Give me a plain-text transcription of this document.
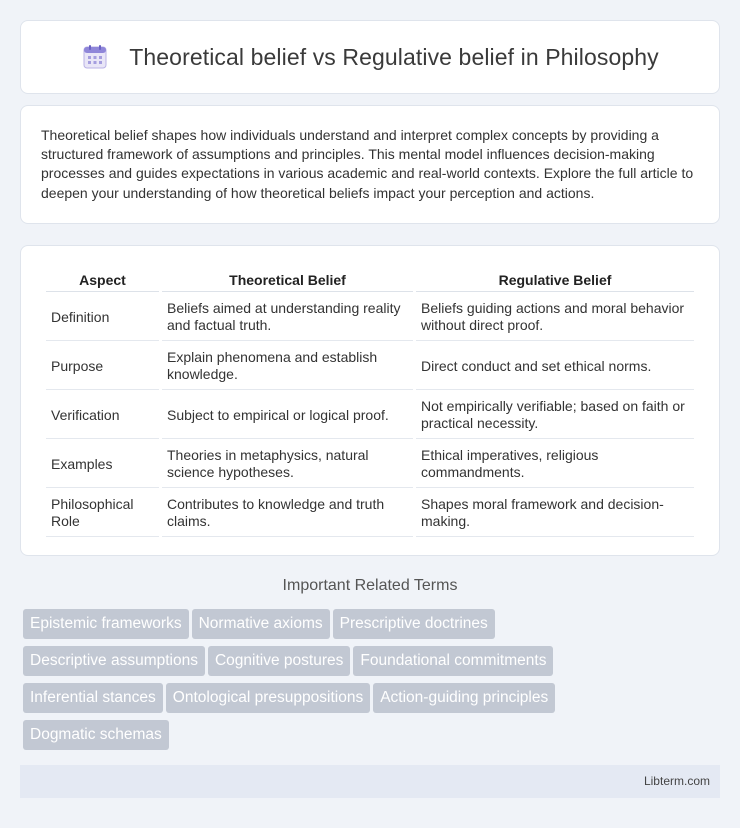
Theoretical belief vs Regulative belief in Philosophy

Theoretical belief shapes how individuals understand and interpret complex concepts by providing a structured framework of assumptions and principles. This mental model influences decision-making processes and guides expectations in various academic and real-world contexts. Explore the full article to deepen your understanding of how theoretical beliefs impact your perception and actions.

Aspect	Theoretical Belief	Regulative Belief
Definition	Beliefs aimed at understanding reality and factual truth.	Beliefs guiding actions and moral behavior without direct proof.
Purpose	Explain phenomena and establish knowledge.	Direct conduct and set ethical norms.
Verification	Subject to empirical or logical proof.	Not empirically verifiable; based on faith or practical necessity.
Examples	Theories in metaphysics, natural science hypotheses.	Ethical imperatives, religious commandments.
Philosophical Role	Contributes to knowledge and truth claims.	Shapes moral framework and decision-making.
Important Related Terms
Epistemic frameworks Normative axioms Prescriptive doctrines
Descriptive assumptions Cognitive postures Foundational commitments
Inferential stances Ontological presuppositions Action-guiding principles
Dogmatic schemas
Libterm.com
